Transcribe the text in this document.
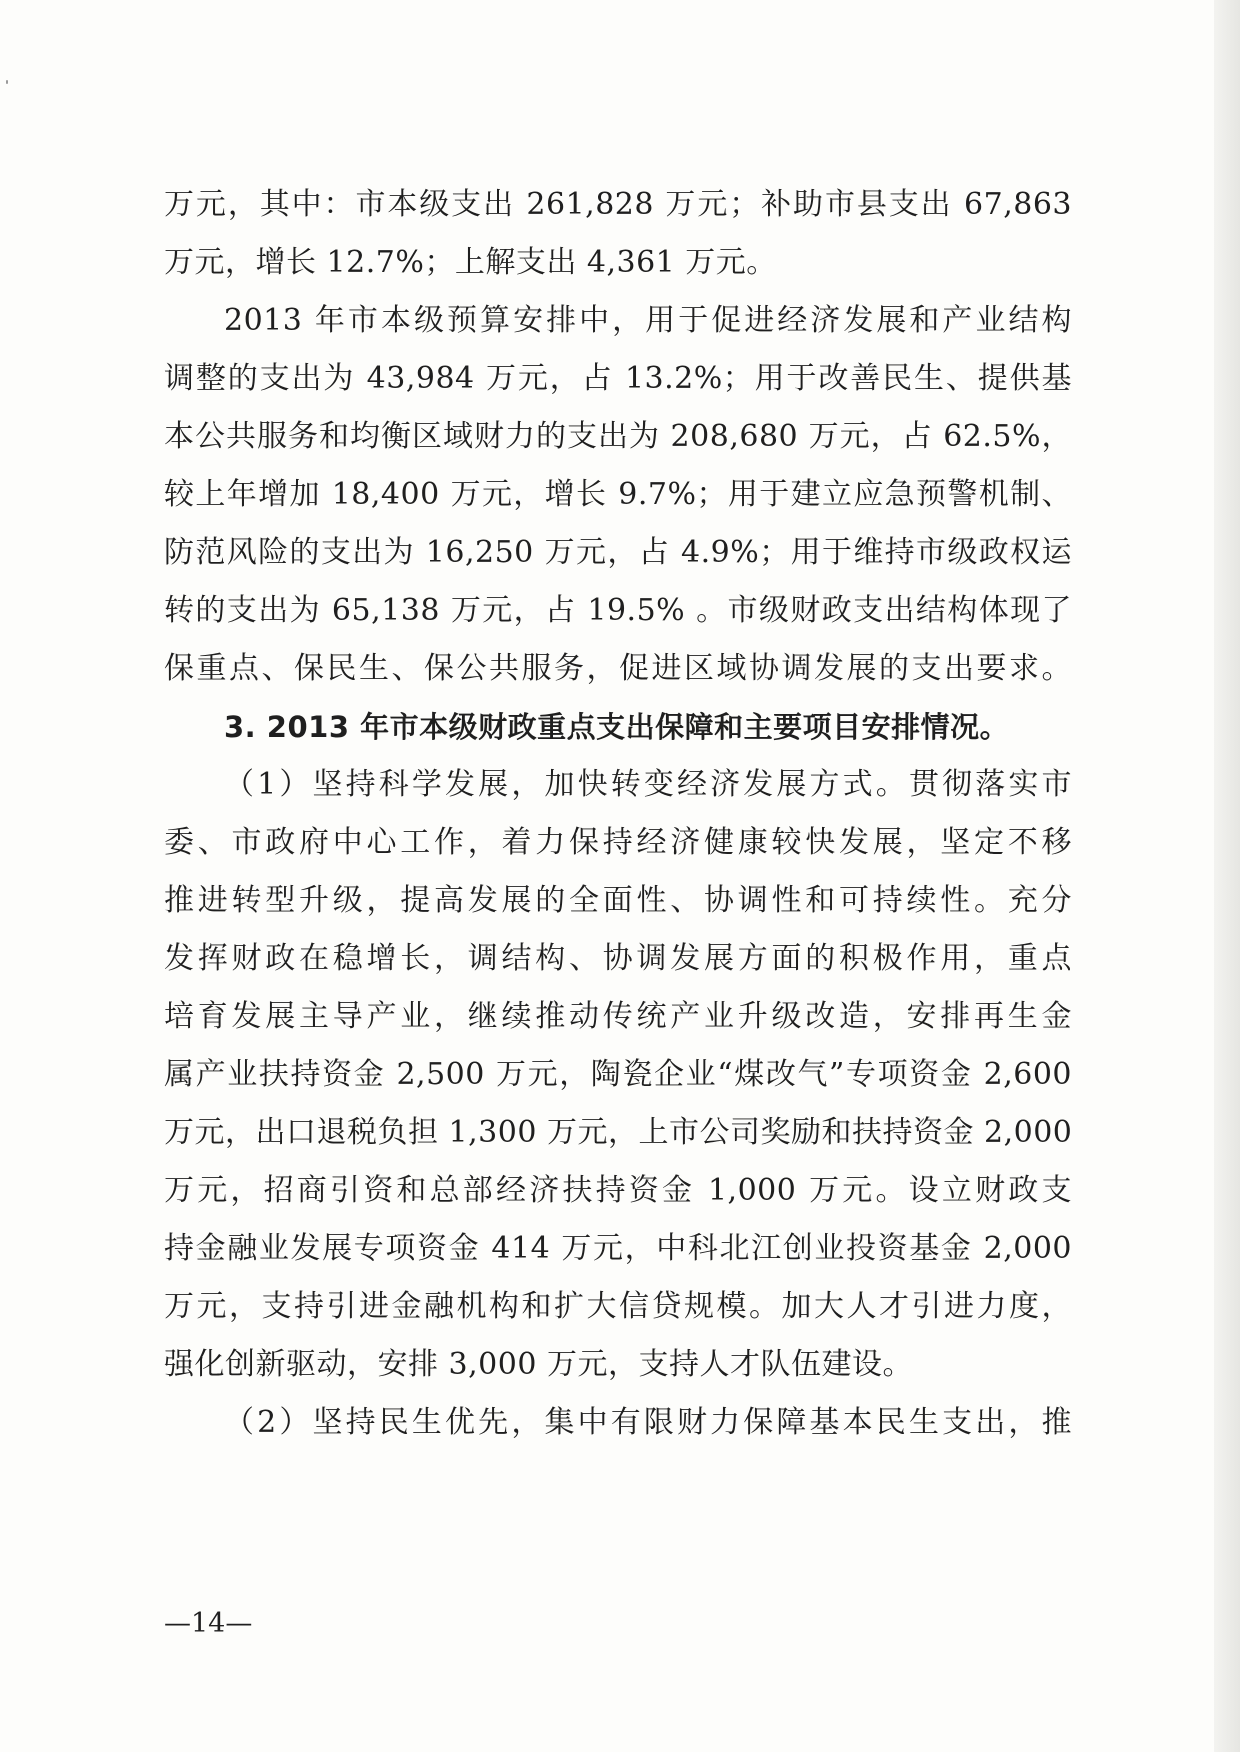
万元，其中：市本级支出 261,828 万元；补助市县支出 67,863
万元，增长 12.7%；上解支出 4,361 万元。
2013 年市本级预算安排中，用于促进经济发展和产业结构
调整的支出为 43,984 万元，占 13.2%；用于改善民生、提供基
本公共服务和均衡区域财力的支出为 208,680 万元，占 62.5%，
较上年增加 18,400 万元，增长 9.7%；用于建立应急预警机制、
防范风险的支出为 16,250 万元，占 4.9%；用于维持市级政权运
转的支出为 65,138 万元，占 19.5% 。市级财政支出结构体现了
保重点、保民生、保公共服务，促进区域协调发展的支出要求。
3. 2013 年市本级财政重点支出保障和主要项目安排情况。
（1）坚持科学发展，加快转变经济发展方式。贯彻落实市
委、市政府中心工作，着力保持经济健康较快发展，坚定不移
推进转型升级，提高发展的全面性、协调性和可持续性。充分
发挥财政在稳增长，调结构、协调发展方面的积极作用，重点
培育发展主导产业，继续推动传统产业升级改造，安排再生金
属产业扶持资金 2,500 万元，陶瓷企业“煤改气”专项资金 2,600
万元，出口退税负担 1,300 万元，上市公司奖励和扶持资金 2,000
万元，招商引资和总部经济扶持资金 1,000 万元。设立财政支
持金融业发展专项资金 414 万元，中科北江创业投资基金 2,000
万元，支持引进金融机构和扩大信贷规模。加大人才引进力度，
强化创新驱动，安排 3,000 万元，支持人才队伍建设。
（2）坚持民生优先，集中有限财力保障基本民生支出，推
—14—
